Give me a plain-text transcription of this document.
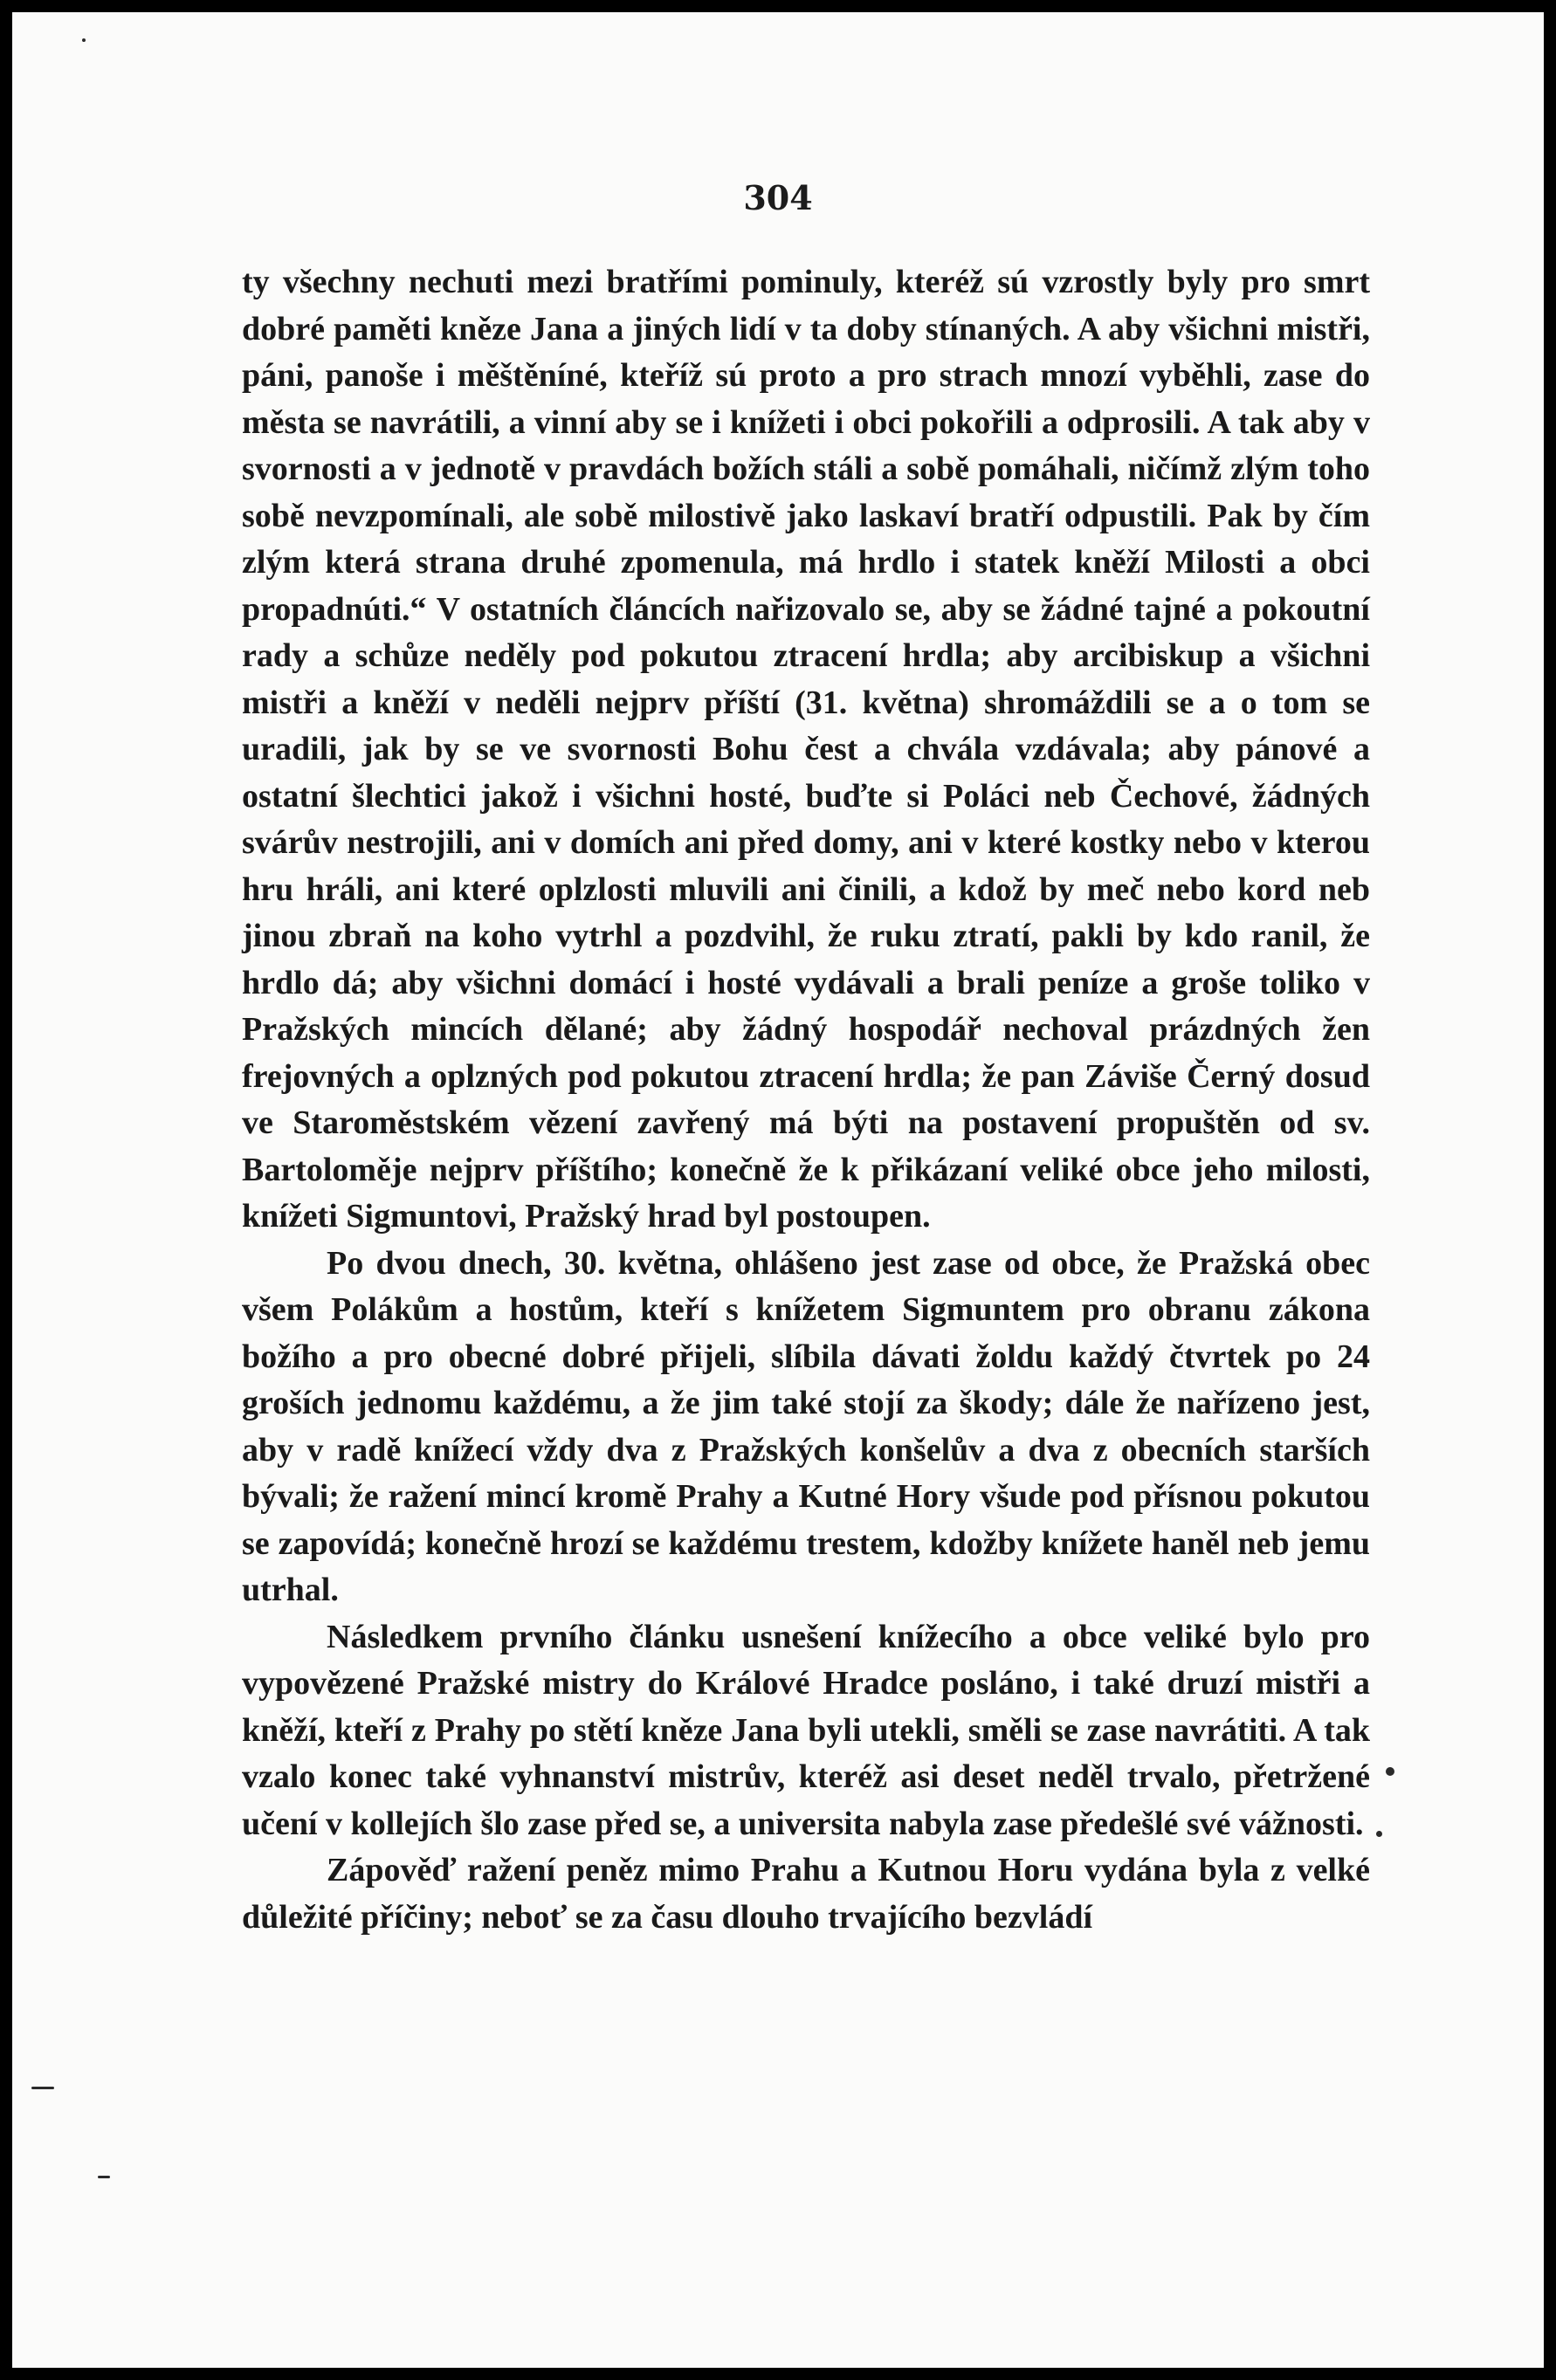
304

ty všechny nechuti mezi bratřími pominuly, kteréž sú vzrostly byly pro smrt dobré paměti kněze Jana a jiných lidí v ta doby stínaných. A aby všichni mistři, páni, panoše i měštěníné, kteříž sú proto a pro strach mnozí vyběhli, zase do města se navrátili, a vinní aby se i knížeti i obci pokořili a odprosili. A tak aby v svornosti a v jednotě v pravdách božích stáli a sobě pomáhali, ničímž zlým toho sobě nevzpomínali, ale sobě milostivě jako laskaví bratří odpustili. Pak by čím zlým která strana druhé zpomenula, má hrdlo i statek kněží Milosti a obci propadnúti.“ V ostatních článcích nařizovalo se, aby se žádné tajné a pokoutní rady a schůze neděly pod pokutou ztracení hrdla; aby arcibiskup a všichni mistři a kněží v neděli nejprv příští (31. května) shromáždili se a o tom se uradili, jak by se ve svornosti Bohu čest a chvála vzdávala; aby pánové a ostatní šlechtici jakož i všichni hosté, buďte si Poláci neb Čechové, žádných svárův nestrojili, ani v domích ani před domy, ani v které kostky nebo v kterou hru hráli, ani které oplzlosti mluvili ani činili, a kdož by meč nebo kord neb jinou zbraň na koho vytrhl a pozdvihl, že ruku ztratí, pakli by kdo ranil, že hrdlo dá; aby všichni domácí i hosté vydávali a brali peníze a groše toliko v Pražských mincích dělané; aby žádný hospodář nechoval prázdných žen frejovných a oplzných pod pokutou ztracení hrdla; že pan Záviše Černý dosud ve Staroměstském vězení zavřený má býti na postavení propuštěn od sv. Bartoloměje nejprv příštího; konečně že k přikázaní veliké obce jeho milosti, knížeti Sigmuntovi, Pražský hrad byl postoupen.

Po dvou dnech, 30. května, ohlášeno jest zase od obce, že Pražská obec všem Polákům a hostům, kteří s knížetem Sigmuntem pro obranu zákona božího a pro obecné dobré přijeli, slíbila dávati žoldu každý čtvrtek po 24 groších jednomu každému, a že jim také stojí za škody; dále že nařízeno jest, aby v radě knížecí vždy dva z Pražských konšelův a dva z obecních starších bývali; že ražení mincí kromě Prahy a Kutné Hory všude pod přísnou pokutou se zapovídá; konečně hrozí se každému trestem, kdožby knížete haněl neb jemu utrhal.

Následkem prvního článku usnešení knížecího a obce veliké bylo pro vypovězené Pražské mistry do Králové Hradce posláno, i také druzí mistři a kněží, kteří z Prahy po stětí kněze Jana byli utekli, směli se zase navrátiti. A tak vzalo konec také vyhnanství mistrův, kteréž asi deset neděl trvalo, přetržené učení v kollejích šlo zase před se, a universita nabyla zase předešlé své vážnosti.

Zápověď ražení peněz mimo Prahu a Kutnou Horu vydána byla z velké důležité příčiny; neboť se za času dlouho trvajícího bezvládí
